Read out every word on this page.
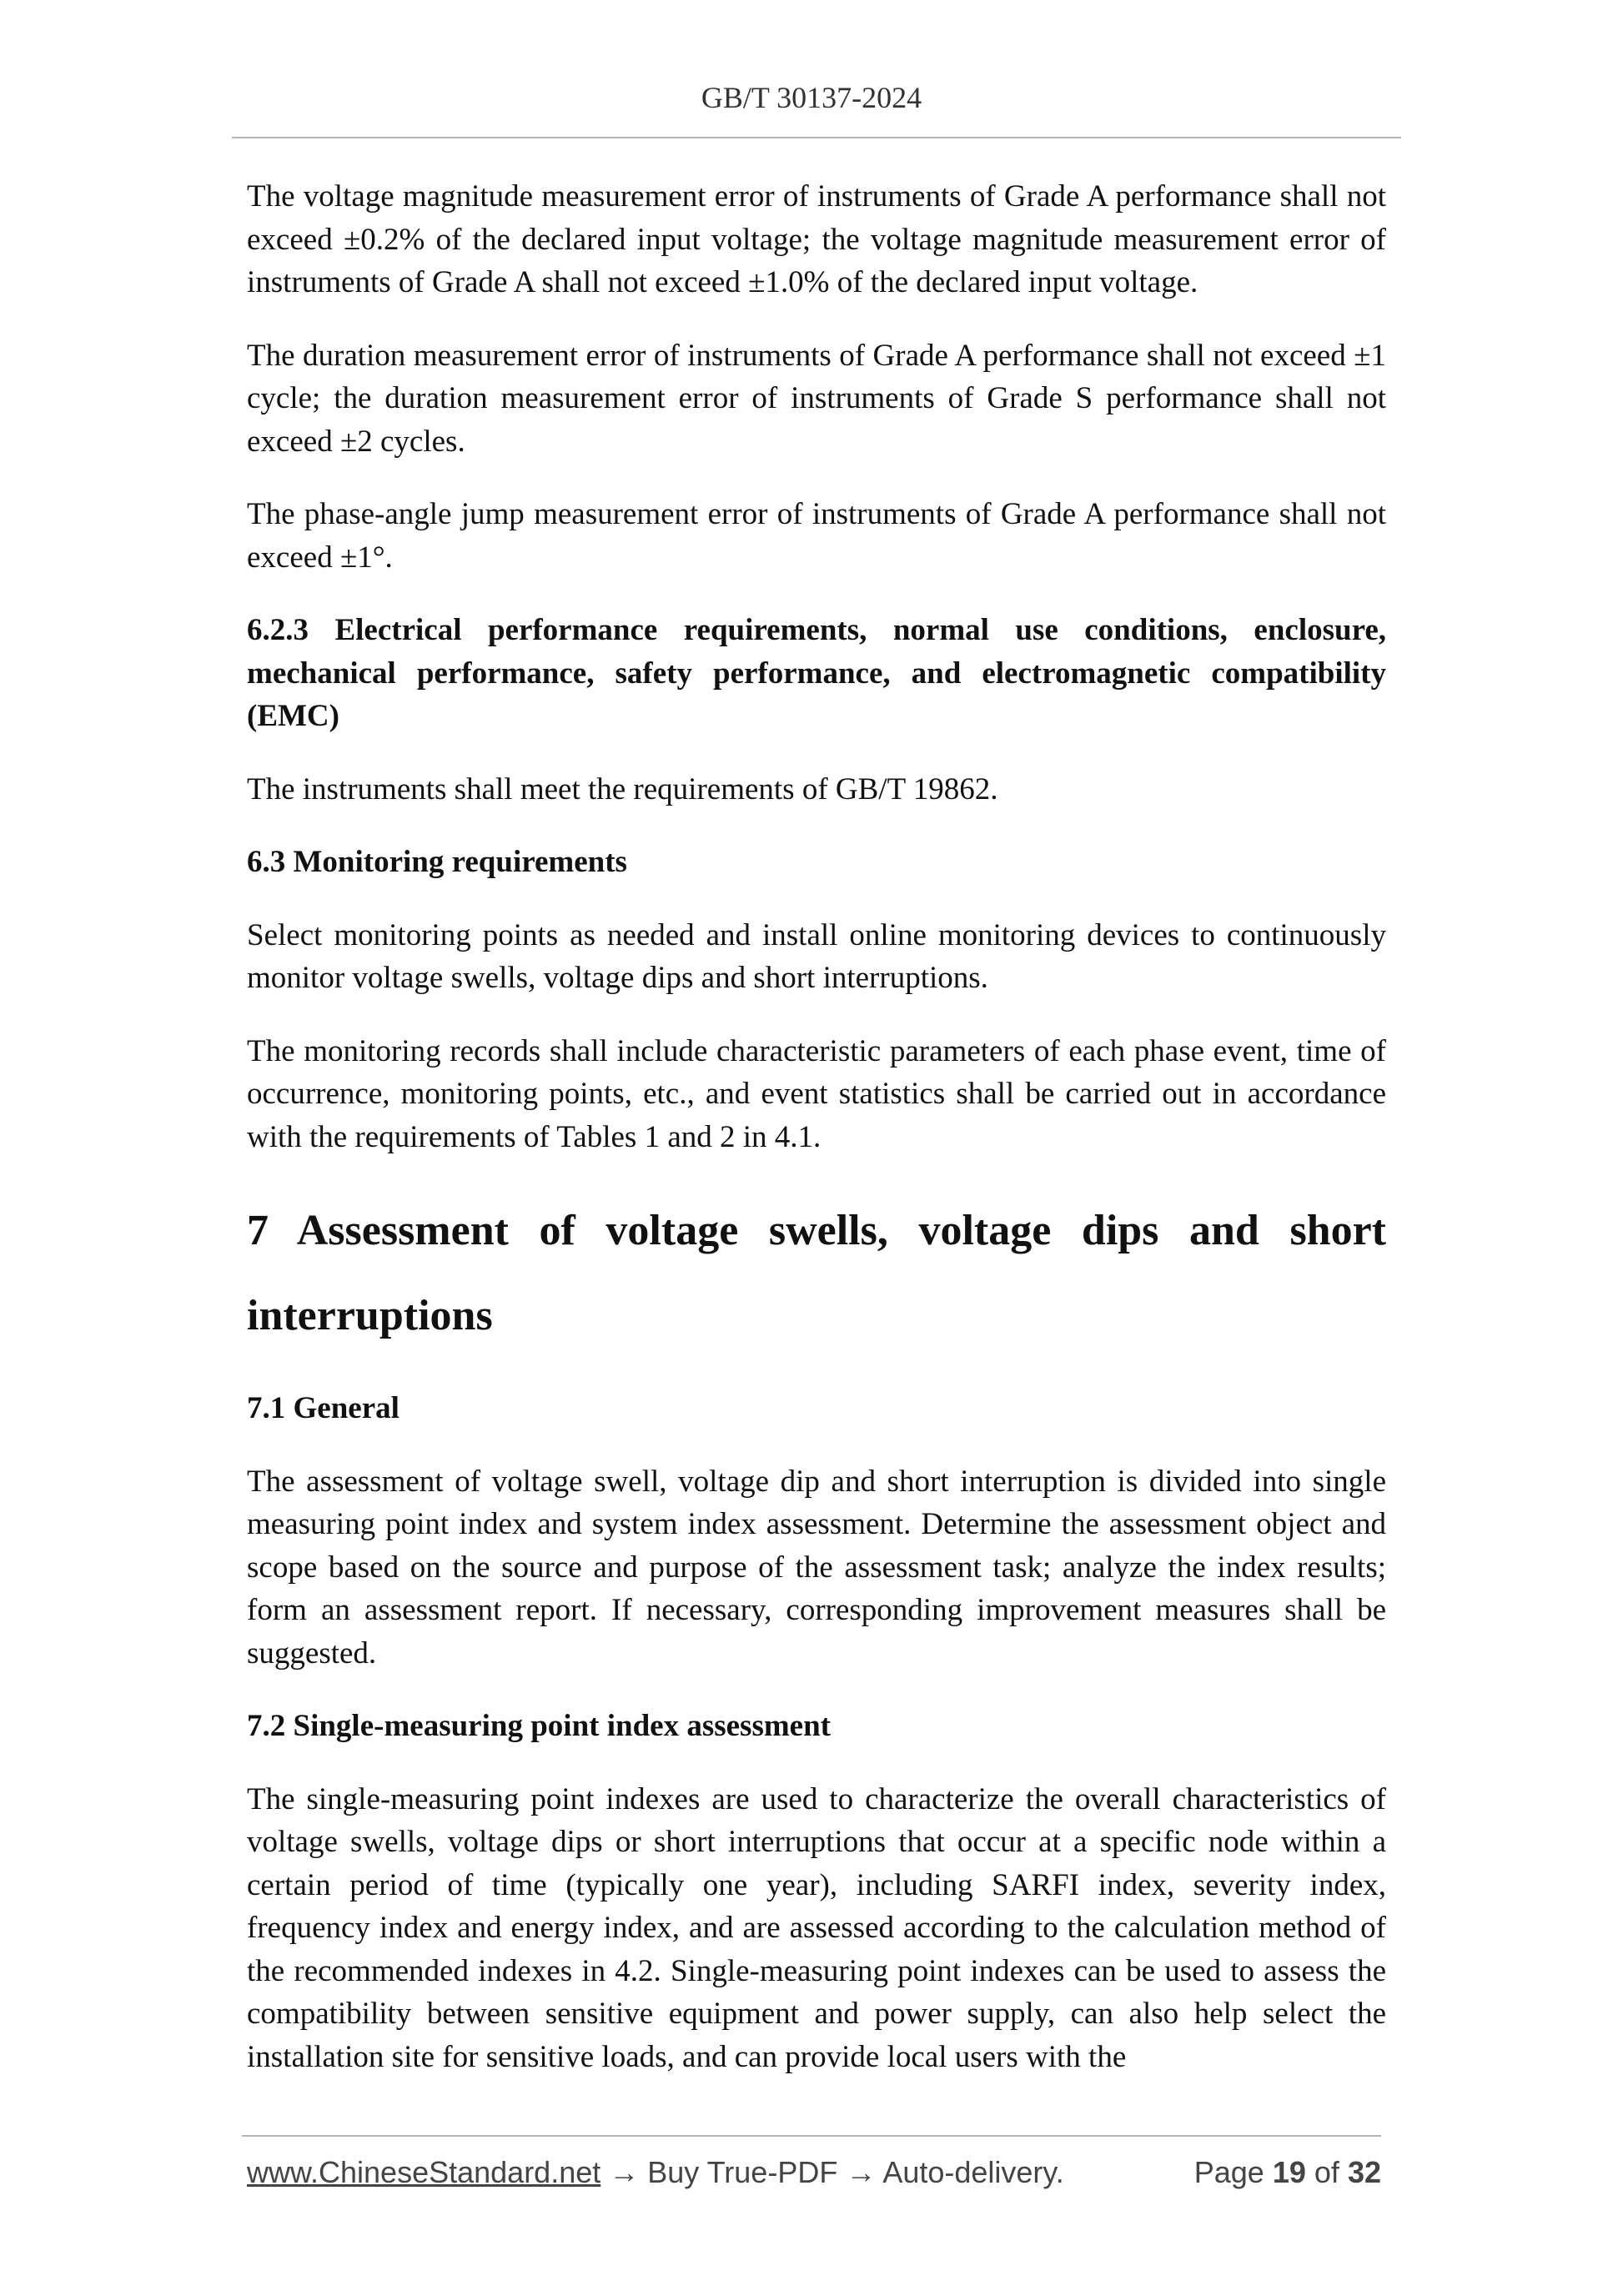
GB/T 30137-2024

The voltage magnitude measurement error of instruments of Grade A performance shall not exceed ±0.2% of the declared input voltage; the voltage magnitude measurement error of instruments of Grade A shall not exceed ±1.0% of the declared input voltage.

The duration measurement error of instruments of Grade A performance shall not exceed ±1 cycle; the duration measurement error of instruments of Grade S performance shall not exceed ±2 cycles.

The phase-angle jump measurement error of instruments of Grade A performance shall not exceed ±1°.

6.2.3 Electrical performance requirements, normal use conditions, enclosure, mechanical performance, safety performance, and electromagnetic compatibility (EMC)

The instruments shall meet the requirements of GB/T 19862.

6.3 Monitoring requirements

Select monitoring points as needed and install online monitoring devices to continuously monitor voltage swells, voltage dips and short interruptions.

The monitoring records shall include characteristic parameters of each phase event, time of occurrence, monitoring points, etc., and event statistics shall be carried out in accordance with the requirements of Tables 1 and 2 in 4.1.

7 Assessment of voltage swells, voltage dips and short interruptions
7.1 General

The assessment of voltage swell, voltage dip and short interruption is divided into single measuring point index and system index assessment. Determine the assessment object and scope based on the source and purpose of the assessment task; analyze the index results; form an assessment report. If necessary, corresponding improvement measures shall be suggested.

7.2 Single-measuring point index assessment

The single-measuring point indexes are used to characterize the overall characteristics of voltage swells, voltage dips or short interruptions that occur at a specific node within a certain period of time (typically one year), including SARFI index, severity index, frequency index and energy index, and are assessed according to the calculation method of the recommended indexes in 4.2. Single-measuring point indexes can be used to assess the compatibility between sensitive equipment and power supply, can also help select the installation site for sensitive loads, and can provide local users with the

www.ChineseStandard.net → Buy True-PDF → Auto-delivery.	Page 19 of 32
